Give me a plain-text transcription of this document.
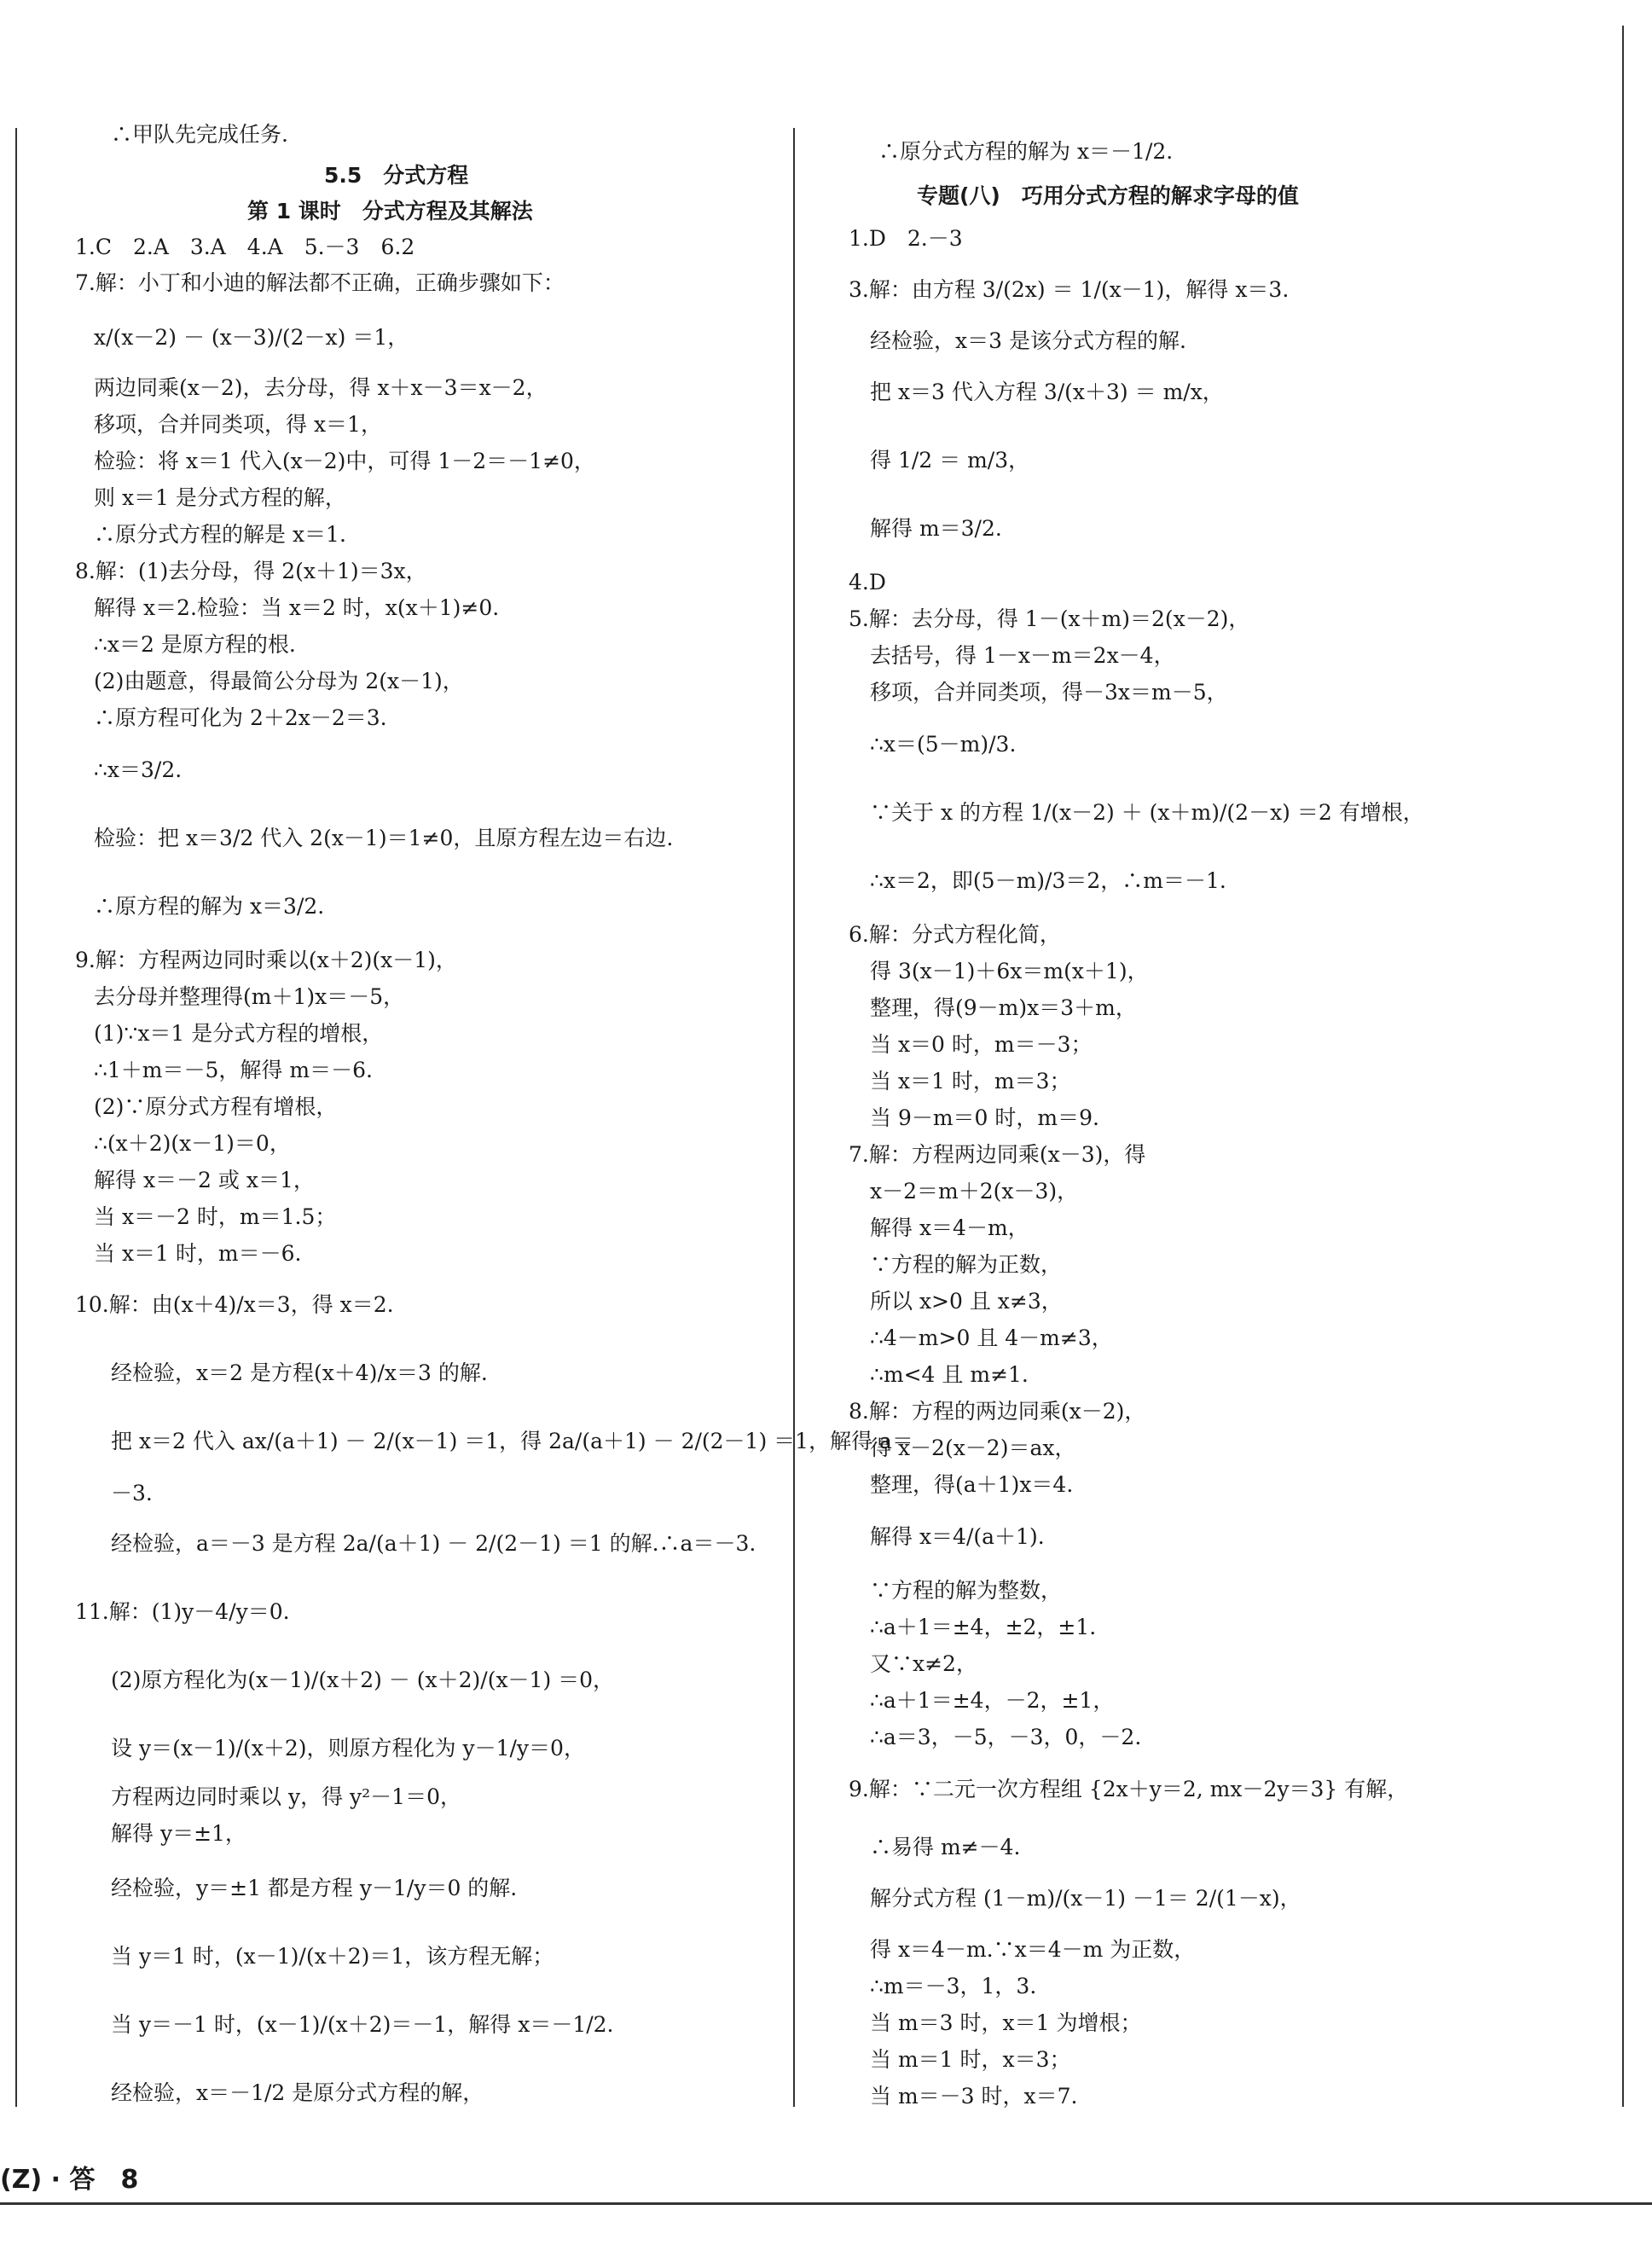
∴甲队先完成任务.
5.5　分式方程
第 1 课时　分式方程及其解法
1.C　2.A　3.A　4.A　5.－3　6.2
7.解：小丁和小迪的解法都不正确，正确步骤如下：
x/(x－2) － (x－3)/(2－x) ＝1，
两边同乘(x－2)，去分母，得 x＋x－3＝x－2，
移项，合并同类项，得 x＝1，
检验：将 x＝1 代入(x－2)中，可得 1－2＝－1≠0，
则 x＝1 是分式方程的解，
∴原分式方程的解是 x＝1.
8.解：(1)去分母，得 2(x＋1)＝3x，
解得 x＝2.检验：当 x＝2 时，x(x＋1)≠0.
∴x＝2 是原方程的根.
(2)由题意，得最简公分母为 2(x－1)，
∴原方程可化为 2＋2x－2＝3.
∴x＝3/2.
检验：把 x＝3/2 代入 2(x－1)＝1≠0，且原方程左边＝右边.
∴原方程的解为 x＝3/2.
9.解：方程两边同时乘以(x＋2)(x－1)，
去分母并整理得(m＋1)x＝－5，
(1)∵x＝1 是分式方程的增根，
∴1＋m＝－5，解得 m＝－6.
(2)∵原分式方程有增根，
∴(x＋2)(x－1)＝0，
解得 x＝－2 或 x＝1，
当 x＝－2 时，m＝1.5；
当 x＝1 时，m＝－6.
10.解：由(x＋4)/x＝3，得 x＝2.
经检验，x＝2 是方程(x＋4)/x＝3 的解.
把 x＝2 代入 ax/(a＋1) － 2/(x－1) ＝1，得 2a/(a＋1) － 2/(2－1) ＝1，解得 a＝
－3.
经检验，a＝－3 是方程 2a/(a＋1) － 2/(2－1) ＝1 的解.∴a＝－3.
11.解：(1)y－4/y＝0.
(2)原方程化为(x－1)/(x＋2) － (x＋2)/(x－1) ＝0，
设 y＝(x－1)/(x＋2)，则原方程化为 y－1/y＝0，
方程两边同时乘以 y，得 y²－1＝0，
解得 y＝±1，
经检验，y＝±1 都是方程 y－1/y＝0 的解.
当 y＝1 时，(x－1)/(x＋2)＝1，该方程无解；
当 y＝－1 时，(x－1)/(x＋2)＝－1，解得 x＝－1/2.
经检验，x＝－1/2 是原分式方程的解，
∴原分式方程的解为 x＝－1/2.
专题(八)　巧用分式方程的解求字母的值
1.D　2.－3
3.解：由方程 3/(2x) ＝ 1/(x－1)，解得 x＝3.
经检验，x＝3 是该分式方程的解.
把 x＝3 代入方程 3/(x＋3) ＝ m/x，
得 1/2 ＝ m/3，
解得 m＝3/2.
4.D
5.解：去分母，得 1－(x＋m)＝2(x－2)，
去括号，得 1－x－m＝2x－4，
移项，合并同类项，得－3x＝m－5，
∴x＝(5－m)/3.
∵关于 x 的方程 1/(x－2) ＋ (x＋m)/(2－x) ＝2 有增根，
∴x＝2，即(5－m)/3＝2，∴m＝－1.
6.解：分式方程化简，
得 3(x－1)＋6x＝m(x＋1)，
整理，得(9－m)x＝3＋m，
当 x＝0 时，m＝－3；
当 x＝1 时，m＝3；
当 9－m＝0 时，m＝9.
7.解：方程两边同乘(x－3)，得
x－2＝m＋2(x－3)，
解得 x＝4－m，
∵方程的解为正数，
所以 x>0 且 x≠3，
∴4－m>0 且 4－m≠3，
∴m<4 且 m≠1.
8.解：方程的两边同乘(x－2)，
得 x－2(x－2)＝ax，
整理，得(a＋1)x＝4.
解得 x＝4/(a＋1).
∵方程的解为整数，
∴a＋1＝±4，±2，±1.
又∵x≠2，
∴a＋1＝±4，－2，±1，
∴a＝3，－5，－3，0，－2.
9.解：∵二元一次方程组 {2x＋y＝2, mx－2y＝3} 有解，
∴易得 m≠－4.
解分式方程 (1－m)/(x－1) －1＝ 2/(1－x)，
得 x＝4－m.∵x＝4－m 为正数，
∴m＝－3，1，3.
当 m＝3 时，x＝1 为增根；
当 m＝1 时，x＝3；
当 m＝－3 时，x＝7.
(Z) · 答　8
